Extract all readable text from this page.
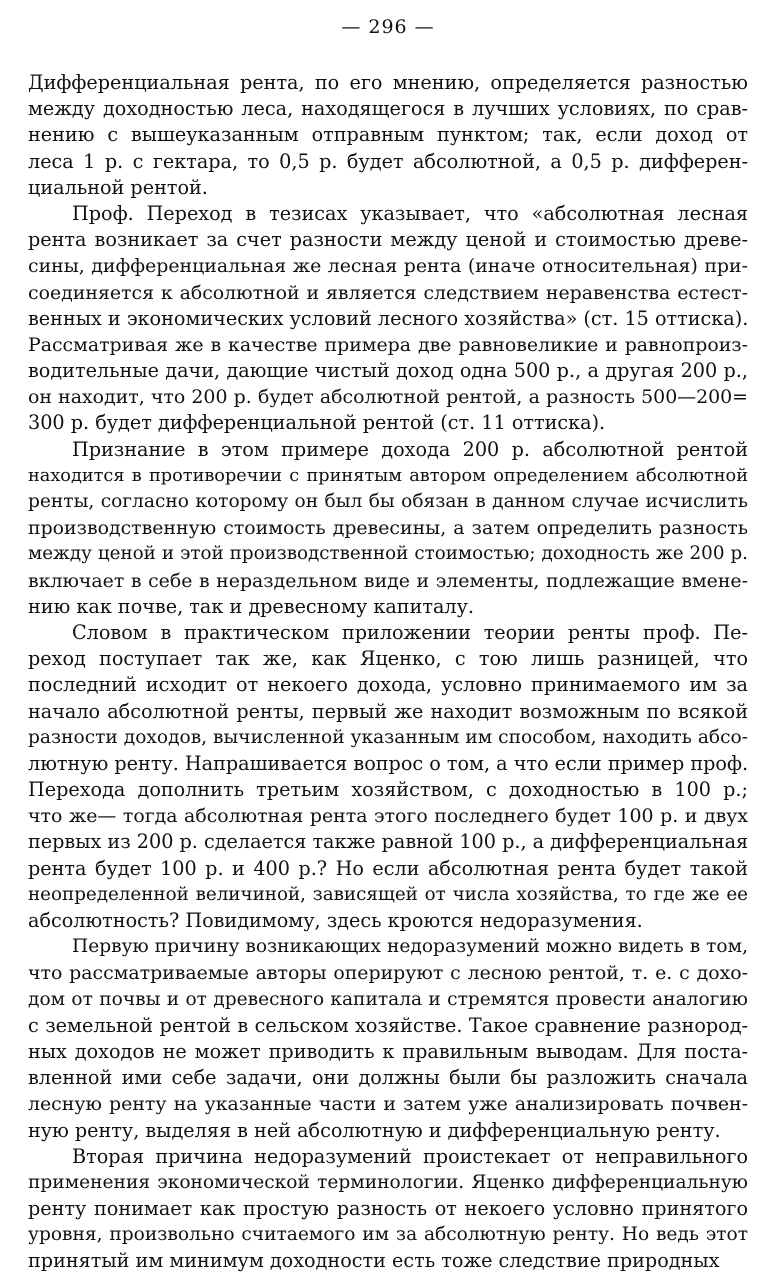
— 296 —
Дифференциальная рента, по его мнению, определяется разностью
между доходностью леса, находящегося в лучших условиях, по срав-
нению с вышеуказанным отправным пунктом; так, если доход от
леса 1 р. с гектара, то 0,5 р. будет абсолютной, а 0,5 р. дифферен-
циальной рентой.
Проф. Переход в тезисах указывает, что «абсолютная лесная
рента возникает за счет разности между ценой и стоимостью древе-
сины, дифференциальная же лесная рента (иначе относительная) при-
соединяется к абсолютной и является следствием неравенства естест-
венных и экономических условий лесного хозяйства» (ст. 15 оттиска).
Рассматривая же в качестве примера две равновеликие и равнопроиз-
водительные дачи, дающие чистый доход одна 500 р., а другая 200 р.,
он находит, что 200 р. будет абсолютной рентой, а разность 500—200=
300 р. будет дифференциальной рентой (ст. 11 оттиска).
Признание в этом примере дохода 200 р. абсолютной рентой
находится в противоречии с принятым автором определением абсолютной
ренты, согласно которому он был бы обязан в данном случае исчислить
производственную стоимость древесины, а затем определить разность
между ценой и этой производственной стоимостью; доходность же 200 р.
включает в себе в нераздельном виде и элементы, подлежащие вмене-
нию как почве, так и древесному капиталу.
Словом в практическом приложении теории ренты проф. Пе-
реход поступает так же, как Яценко, с тою лишь разницей, что
последний исходит от некоего дохода, условно принимаемого им за
начало абсолютной ренты, первый же находит возможным по всякой
разности доходов, вычисленной указанным им способом, находить абсо-
лютную ренту. Напрашивается вопрос о том, а что если пример проф.
Перехода дополнить третьим хозяйством, с доходностью в 100 р.;
что же— тогда абсолютная рента этого последнего будет 100 р. и двух
первых из 200 р. сделается также равной 100 р., а дифференциальная
рента будет 100 р. и 400 р.? Но если абсолютная рента будет такой
неопределенной величиной, зависящей от числа хозяйства, то где же ее
абсолютность? Повидимому, здесь кроются недоразумения.
Первую причину возникающих недоразумений можно видеть в том,
что рассматриваемые авторы оперируют с лесною рентой, т. е. с дохо-
дом от почвы и от древесного капитала и стремятся провести аналогию
с земельной рентой в сельском хозяйстве. Такое сравнение разнород-
ных доходов не может приводить к правильным выводам. Для поста-
вленной ими себе задачи, они должны были бы разложить сначала
лесную ренту на указанные части и затем уже анализировать почвен-
ную ренту, выделяя в ней абсолютную и дифференциальную ренту.
Вторая причина недоразумений проистекает от неправильного
применения экономической терминологии. Яценко дифференциальную
ренту понимает как простую разность от некоего условно принятого
уровня, произвольно считаемого им за абсолютную ренту. Но ведь этот
принятый им минимум доходности есть тоже следствие природных
